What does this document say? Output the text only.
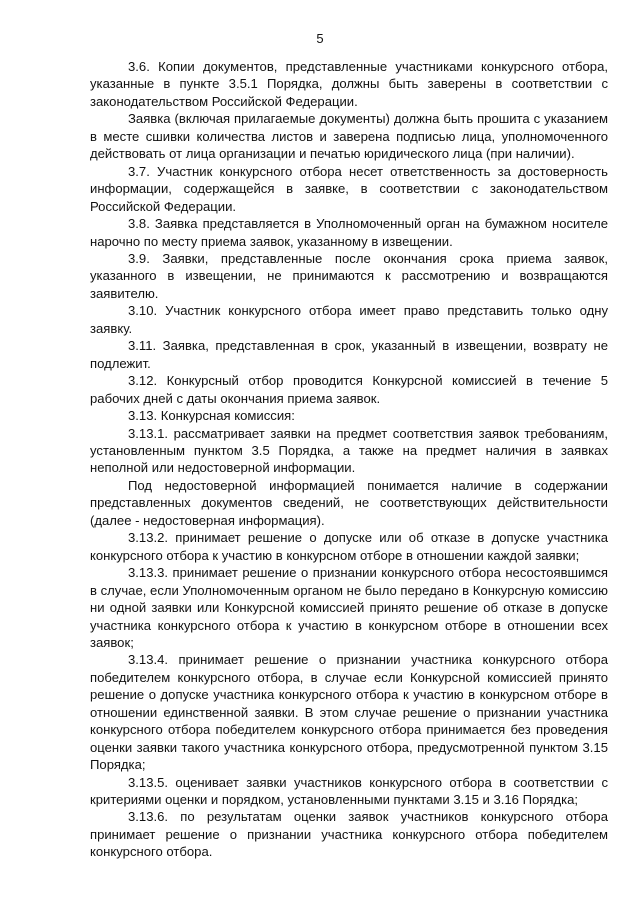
5

3.6. Копии документов, представленные участниками конкурсного отбора, указанные в пункте 3.5.1 Порядка, должны быть заверены в соответствии с законодательством Российской Федерации.

Заявка (включая прилагаемые документы) должна быть прошита с указанием в месте сшивки количества листов и заверена подписью лица, уполномоченного действовать от лица организации и печатью юридического лица (при наличии).

3.7. Участник конкурсного отбора несет ответственность за достоверность информации, содержащейся в заявке, в соответствии с законодательством Российской Федерации.

3.8. Заявка представляется в Уполномоченный орган на бумажном носителе нарочно по месту приема заявок, указанному в извещении.

3.9. Заявки, представленные после окончания срока приема заявок, указанного в извещении, не принимаются к рассмотрению и возвращаются заявителю.

3.10. Участник конкурсного отбора имеет право представить только одну заявку.

3.11. Заявка, представленная в срок, указанный в извещении, возврату не подлежит.

3.12. Конкурсный отбор проводится Конкурсной комиссией в течение 5 рабочих дней с даты окончания приема заявок.

3.13. Конкурсная комиссия:

3.13.1. рассматривает заявки на предмет соответствия заявок требованиям, установленным пунктом 3.5 Порядка, а также на предмет наличия в заявках неполной или недостоверной информации.

Под недостоверной информацией понимается наличие в содержании представленных документов сведений, не соответствующих действительности (далее - недостоверная информация).

3.13.2. принимает решение о допуске или об отказе в допуске участника конкурсного отбора к участию в конкурсном отборе в отношении каждой заявки;

3.13.3. принимает решение о признании конкурсного отбора несостоявшимся в случае, если Уполномоченным органом не было передано в Конкурсную комиссию ни одной заявки или Конкурсной комиссией принято решение об отказе в допуске участника конкурсного отбора к участию в конкурсном отборе в отношении всех заявок;

3.13.4. принимает решение о признании участника конкурсного отбора победителем конкурсного отбора, в случае если Конкурсной комиссией принято решение о допуске участника конкурсного отбора к участию в конкурсном отборе в отношении единственной заявки. В этом случае решение о признании участника конкурсного отбора победителем конкурсного отбора принимается без проведения оценки заявки такого участника конкурсного отбора, предусмотренной пунктом 3.15 Порядка;

3.13.5. оценивает заявки участников конкурсного отбора в соответствии с критериями оценки и порядком, установленными пунктами 3.15 и 3.16 Порядка;

3.13.6. по результатам оценки заявок участников конкурсного отбора принимает решение о признании участника конкурсного отбора победителем конкурсного отбора.
